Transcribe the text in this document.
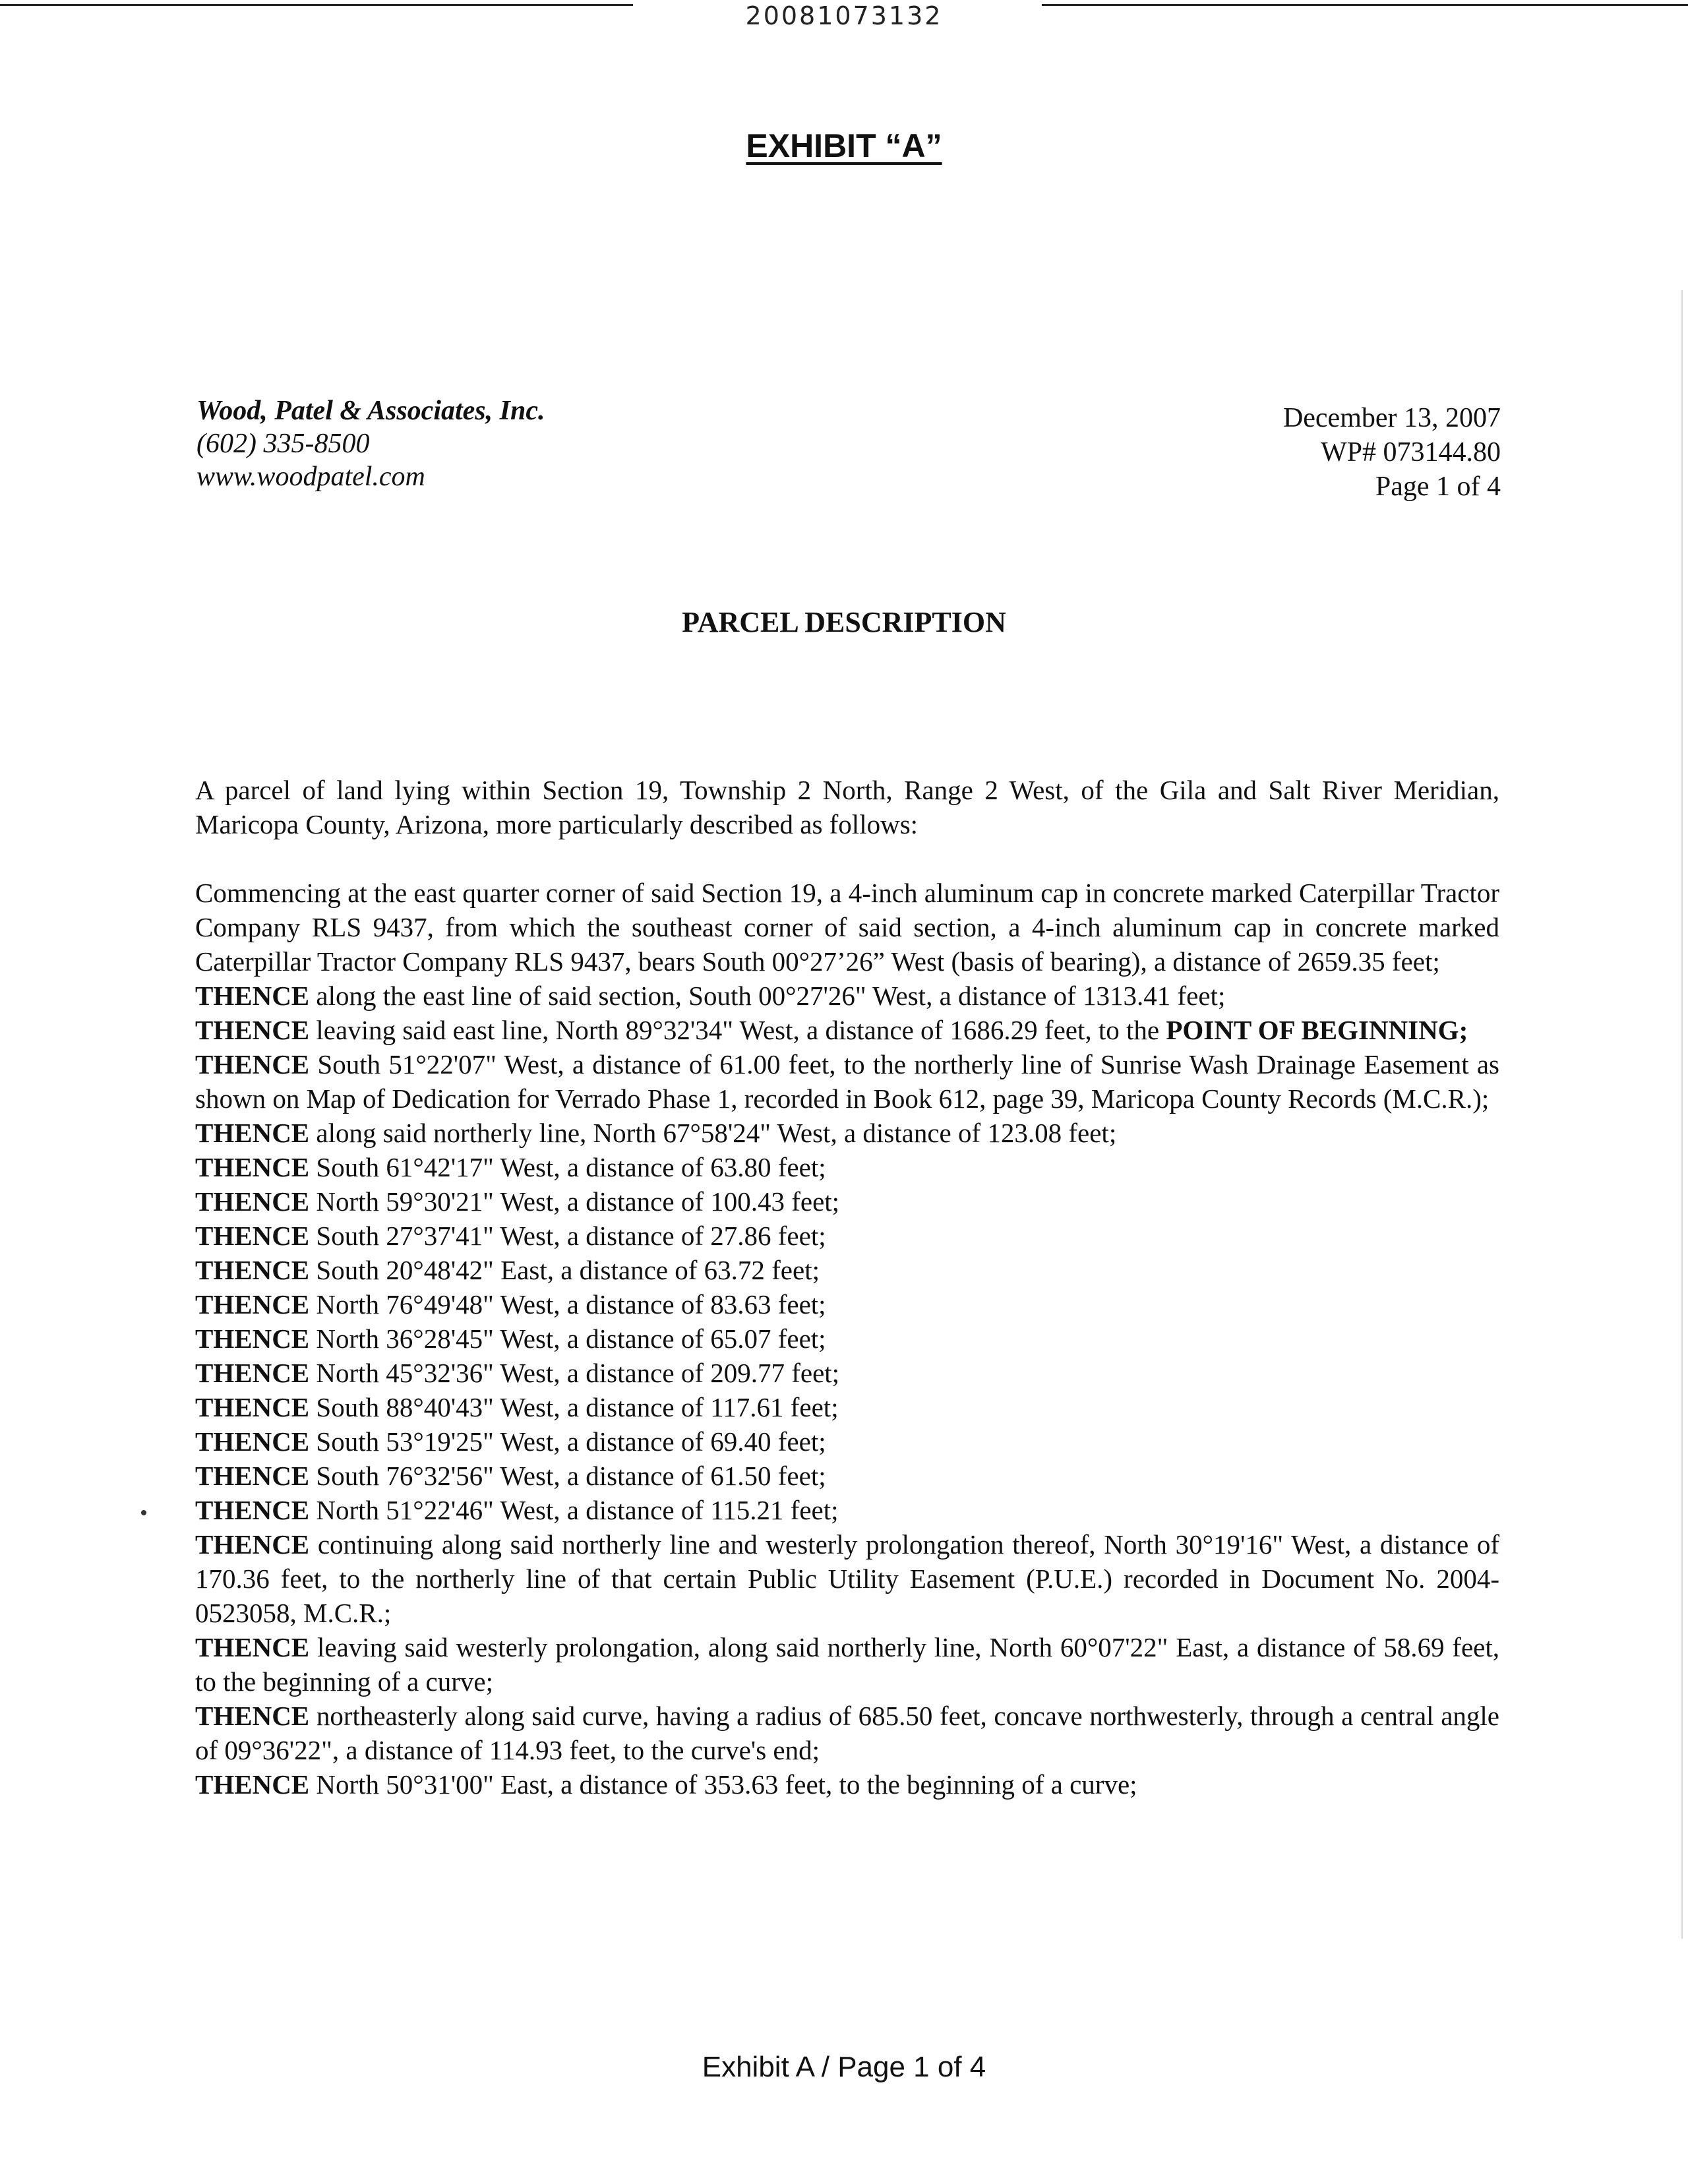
20081073132
EXHIBIT “A”
Wood, Patel & Associates, Inc.
(602) 335-8500
www.woodpatel.com
December 13, 2007
WP# 073144.80
Page 1 of 4
PARCEL DESCRIPTION

A parcel of land lying within Section 19, Township 2 North, Range 2 West, of the Gila and Salt River Meridian, Maricopa County, Arizona, more particularly described as follows:

Commencing at the east quarter corner of said Section 19, a 4-inch aluminum cap in concrete marked Caterpillar Tractor Company RLS 9437, from which the southeast corner of said section, a 4-inch aluminum cap in concrete marked Caterpillar Tractor Company RLS 9437, bears South 00°27’26” West (basis of bearing), a distance of 2659.35 feet;

THENCE along the east line of said section, South 00°27'26" West, a distance of 1313.41 feet;

THENCE leaving said east line, North 89°32'34" West, a distance of 1686.29 feet, to the POINT OF BEGINNING;

THENCE South 51°22'07" West, a distance of 61.00 feet, to the northerly line of Sunrise Wash Drainage Easement as shown on Map of Dedication for Verrado Phase 1, recorded in Book 612, page 39, Maricopa County Records (M.C.R.);

THENCE along said northerly line, North 67°58'24" West, a distance of 123.08 feet;

THENCE South 61°42'17" West, a distance of 63.80 feet;

THENCE North 59°30'21" West, a distance of 100.43 feet;

THENCE South 27°37'41" West, a distance of 27.86 feet;

THENCE South 20°48'42" East, a distance of 63.72 feet;

THENCE North 76°49'48" West, a distance of 83.63 feet;

THENCE North 36°28'45" West, a distance of 65.07 feet;

THENCE North 45°32'36" West, a distance of 209.77 feet;

THENCE South 88°40'43" West, a distance of 117.61 feet;

THENCE South 53°19'25" West, a distance of 69.40 feet;

THENCE South 76°32'56" West, a distance of 61.50 feet;

THENCE North 51°22'46" West, a distance of 115.21 feet;

THENCE continuing along said northerly line and westerly prolongation thereof, North 30°19'16" West, a distance of 170.36 feet, to the northerly line of that certain Public Utility Easement (P.U.E.) recorded in Document No. 2004-0523058, M.C.R.;

THENCE leaving said westerly prolongation, along said northerly line, North 60°07'22" East, a distance of 58.69 feet, to the beginning of a curve;

THENCE northeasterly along said curve, having a radius of 685.50 feet, concave northwesterly, through a central angle of 09°36'22", a distance of 114.93 feet, to the curve's end;

THENCE North 50°31'00" East, a distance of 353.63 feet, to the beginning of a curve;

Exhibit A / Page 1 of 4
